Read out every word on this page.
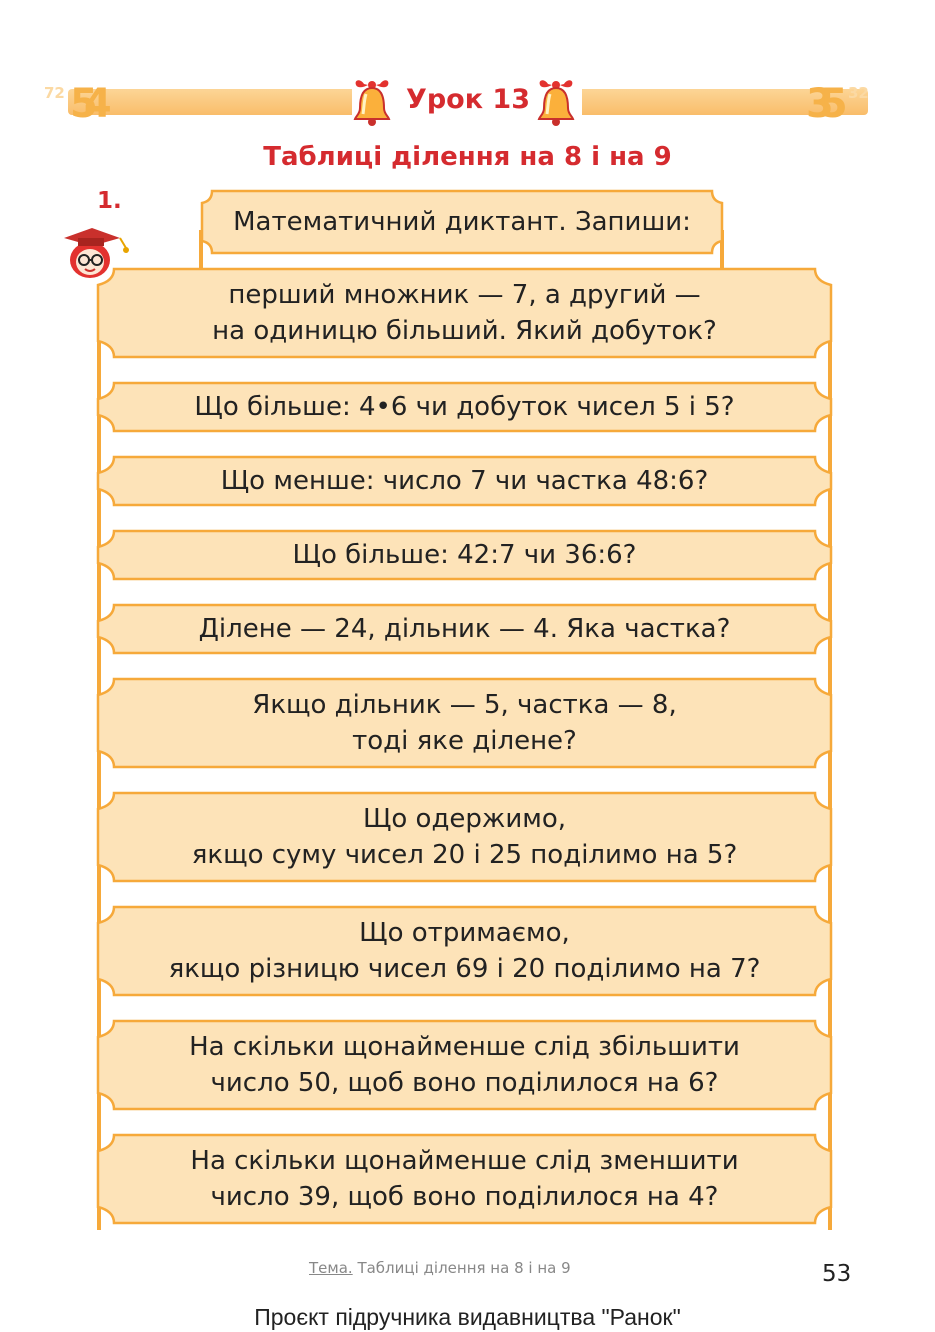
72 54	35 32
Урок 13
Таблиці ділення на 8 і на 9
1.
Математичний диктант. Запиши:
перший множник — 7, а другий —
на одиницю більший. Який добуток?
Що більше: 4•6 чи добуток чисел 5 і 5?
Що менше: число 7 чи частка 48:6?
Що більше: 42:7 чи 36:6?
Ділене — 24, дільник — 4. Яка частка?
Якщо дільник — 5, частка — 8,
тоді яке ділене?
Що одержимо,
якщо суму чисел 20 і 25 поділимо на 5?
Що отримаємо,
якщо різницю чисел 69 і 20 поділимо на 7?
На скільки щонайменше слід збільшити
число 50, щоб воно поділилося на 6?
На скільки щонайменше слід зменшити
число 39, щоб воно поділилося на 4?
Тема. Таблиці ділення на 8 і на 9	53
Проєкт підручника видавництва "Ранок"
